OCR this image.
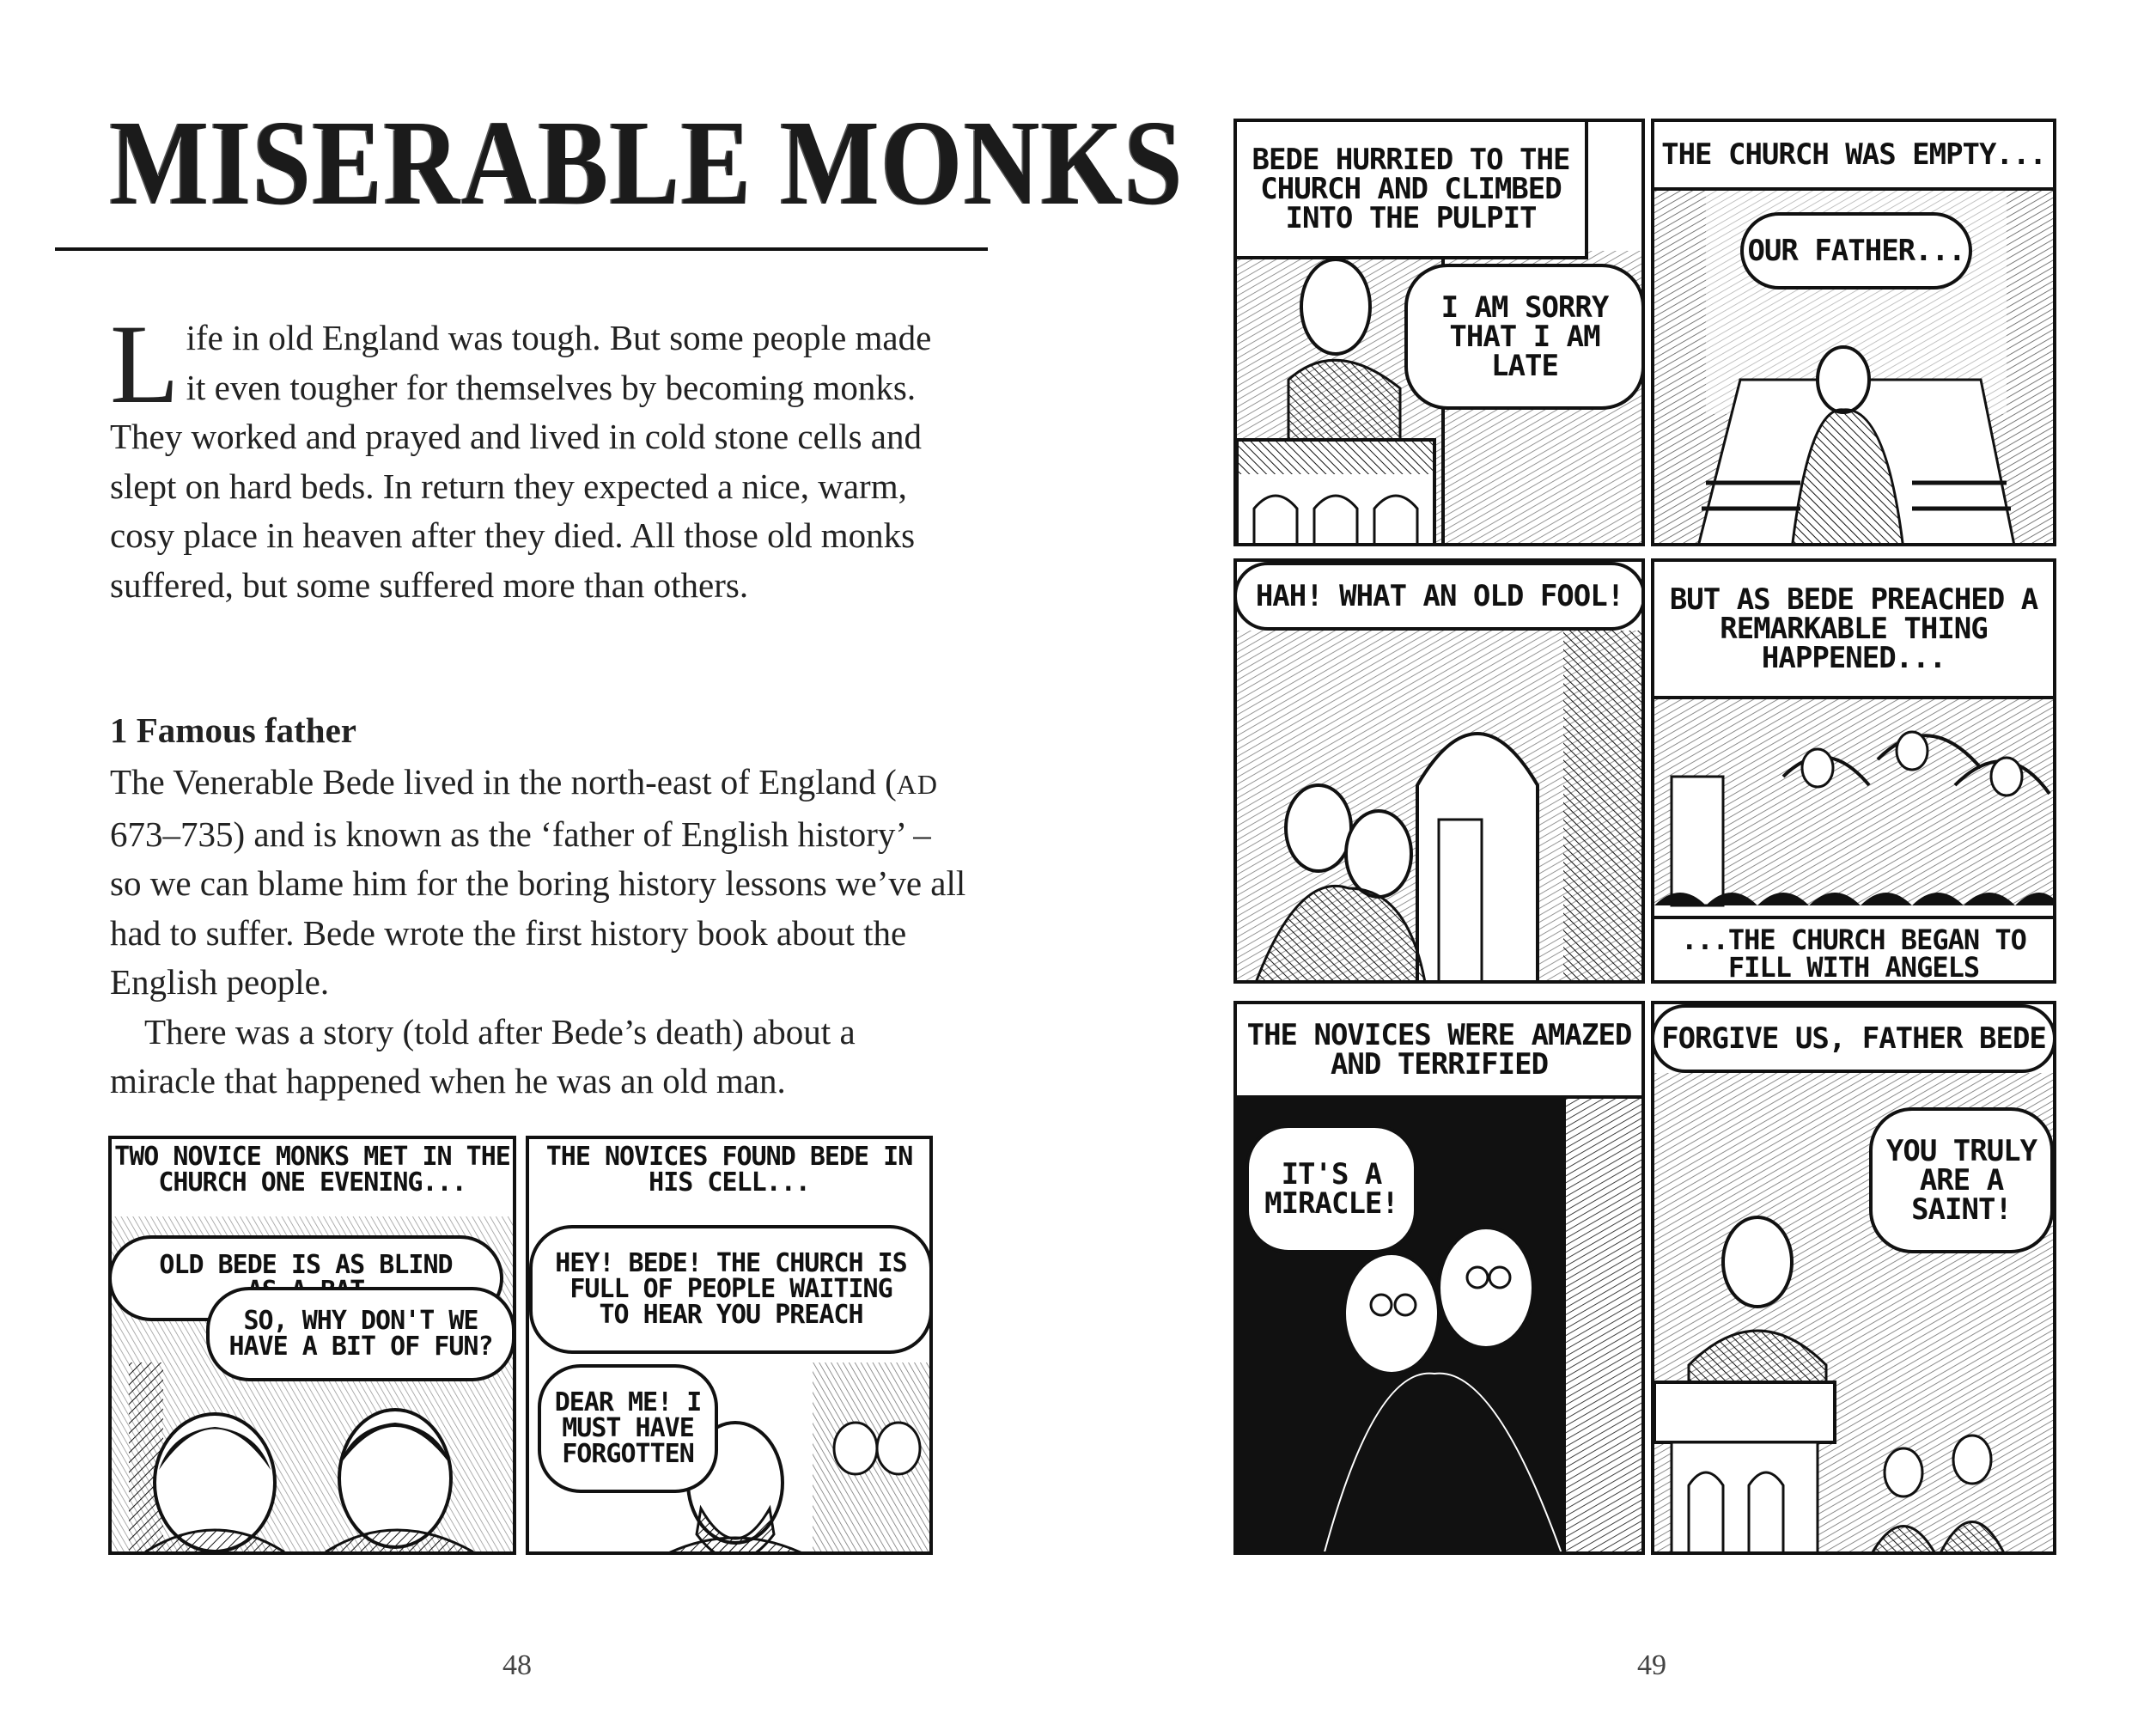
MISERABLE MONKS
L ife in old England was tough. But some people made it even tougher for themselves by becoming monks. They worked and prayed and lived in cold stone cells and slept on hard beds. In return they expected a nice, warm, cosy place in heaven after they died. All those old monks suffered, but some suffered more than others.
1 Famous father
The Venerable Bede lived in the north-east of England (AD 673–735) and is known as the ‘father of English history’ – so we can blame him for the boring history lessons we’ve all had to suffer. Bede wrote the first history book about the English people.
There was a story (told after Bede’s death) about a miracle that happened when he was an old man.
TWO NOVICE MONKS MET IN THE CHURCH ONE EVENING...
OLD BEDE IS AS BLIND
SO, WHY DON'T WE HAVE A BIT OF FUN?
THE NOVICES FOUND BEDE IN HIS CELL...
HEY! BEDE! THE CHURCH IS FULL OF PEOPLE WAITING TO HEAR YOU PREACH
DEAR ME! I MUST HAVE FORGOTTEN
48
BEDE HURRIED TO THE CHURCH AND CLIMBED INTO THE PULPIT
I AM SORRY THAT I AM LATE
THE CHURCH WAS EMPTY...
OUR FATHER...
HAH! WHAT AN OLD FOOL!	BUT AS BEDE PREACHED A REMARKABLE THING HAPPENED...
...THE CHURCH BEGAN TO FILL WITH ANGELS
THE NOVICES WERE AMAZED AND TERRIFIED
IT'S A MIRACLE!
FORGIVE US, FATHER BEDE
YOU TRULY ARE A SAINT!
49
